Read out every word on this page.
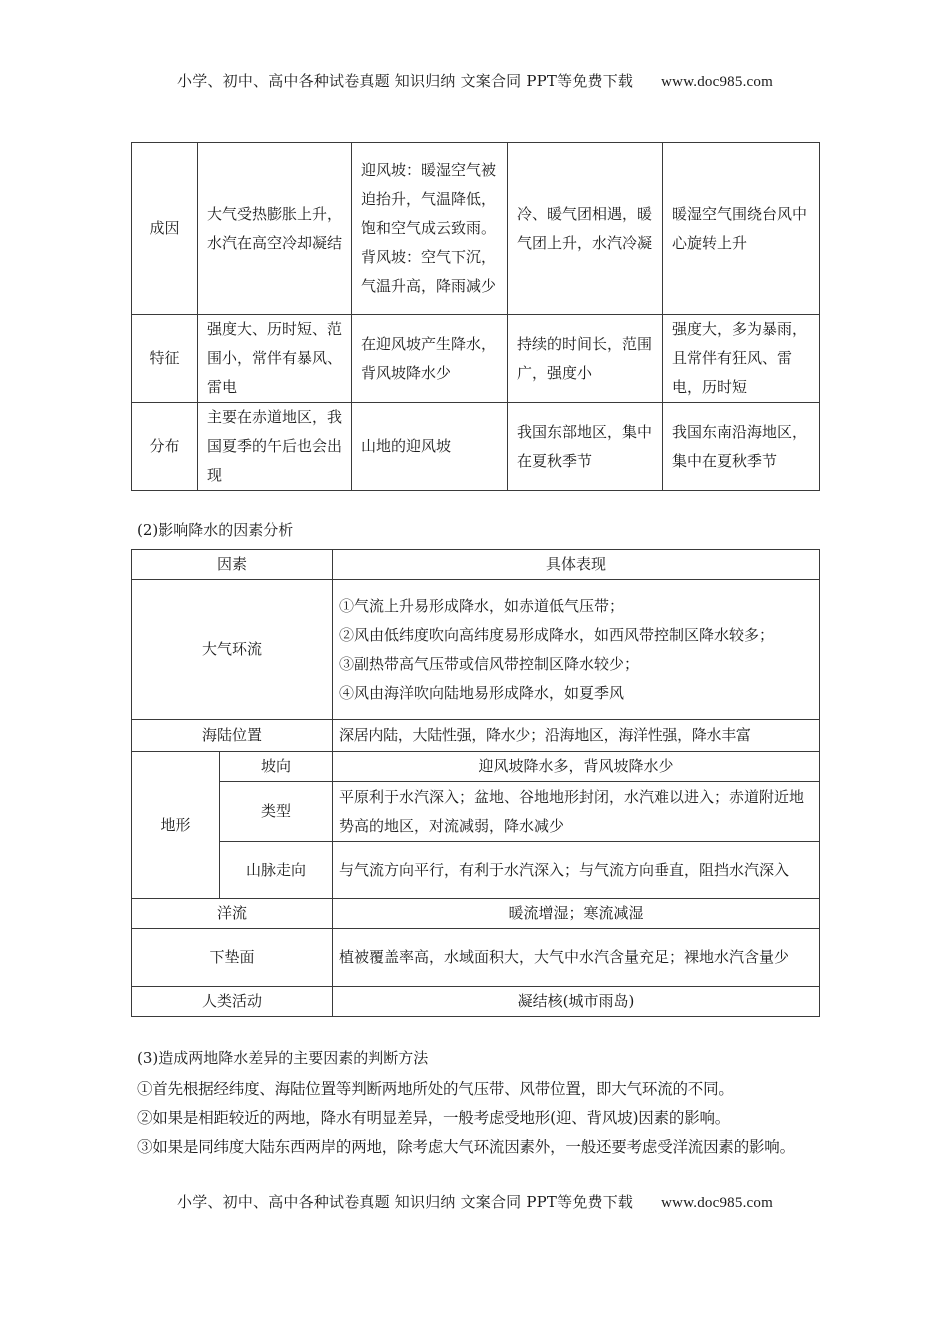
小学、初中、高中各种试卷真题 知识归纳 文案合同 PPT等免费下载 www.doc985.com
成因	大气受热膨胀上升，水汽在高空冷却凝结	迎风坡：暖湿空气被迫抬升，气温降低，饱和空气成云致雨。背风坡：空气下沉，气温升高，降雨减少	冷、暖气团相遇，暖气团上升，水汽冷凝	暖湿空气围绕台风中心旋转上升
特征	强度大、历时短、范围小，常伴有暴风、雷电	在迎风坡产生降水，背风坡降水少	持续的时间长，范围广，强度小	强度大，多为暴雨，且常伴有狂风、雷电，历时短
分布	主要在赤道地区，我国夏季的午后也会出现	山地的迎风坡	我国东部地区，集中在夏秋季节	我国东南沿海地区，集中在夏秋季节
(2)影响降水的因素分析
因素		具体表现
大气环流		①气流上升易形成降水，如赤道低气压带；
②风由低纬度吹向高纬度易形成降水，如西风带控制区降水较多；
③副热带高气压带或信风带控制区降水较少；
④风由海洋吹向陆地易形成降水，如夏季风

海陆位置		深居内陆，大陆性强，降水少；沿海地区，海洋性强，降水丰富
地形	坡向	迎风坡降水多，背风坡降水少
	类型	平原利于水汽深入；盆地、谷地地形封闭，水汽难以进入；赤道附近地势高的地区，对流减弱，降水减少
	山脉走向	与气流方向平行，有利于水汽深入；与气流方向垂直，阻挡水汽深入
洋流		暖流增湿；寒流减湿
下垫面		植被覆盖率高，水域面积大，大气中水汽含量充足；裸地水汽含量少
人类活动		凝结核(城市雨岛)
(3)造成两地降水差异的主要因素的判断方法
①首先根据经纬度、海陆位置等判断两地所处的气压带、风带位置，即大气环流的不同。
②如果是相距较近的两地，降水有明显差异，一般考虑受地形(迎、背风坡)因素的影响。
③如果是同纬度大陆东西两岸的两地，除考虑大气环流因素外，一般还要考虑受洋流因素的影响。
小学、初中、高中各种试卷真题 知识归纳 文案合同 PPT等免费下载 www.doc985.com
